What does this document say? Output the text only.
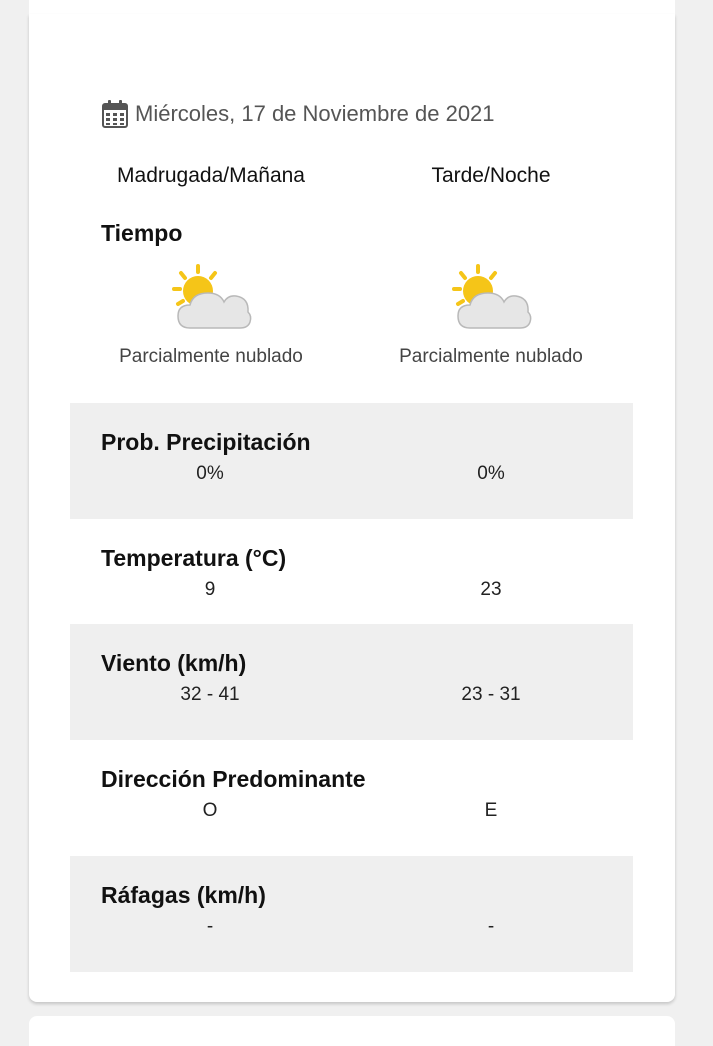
Miércoles, 17 de Noviembre de 2021
Madrugada/Mañana	Tarde/Noche
Tiempo
Parcialmente nublado	Parcialmente nublado
Prob. Precipitación
0%	0%
Temperatura (°C)
9	23
Viento (km/h)
32 - 41	23 - 31
Dirección Predominante
O	E
Ráfagas (km/h)
-	-
